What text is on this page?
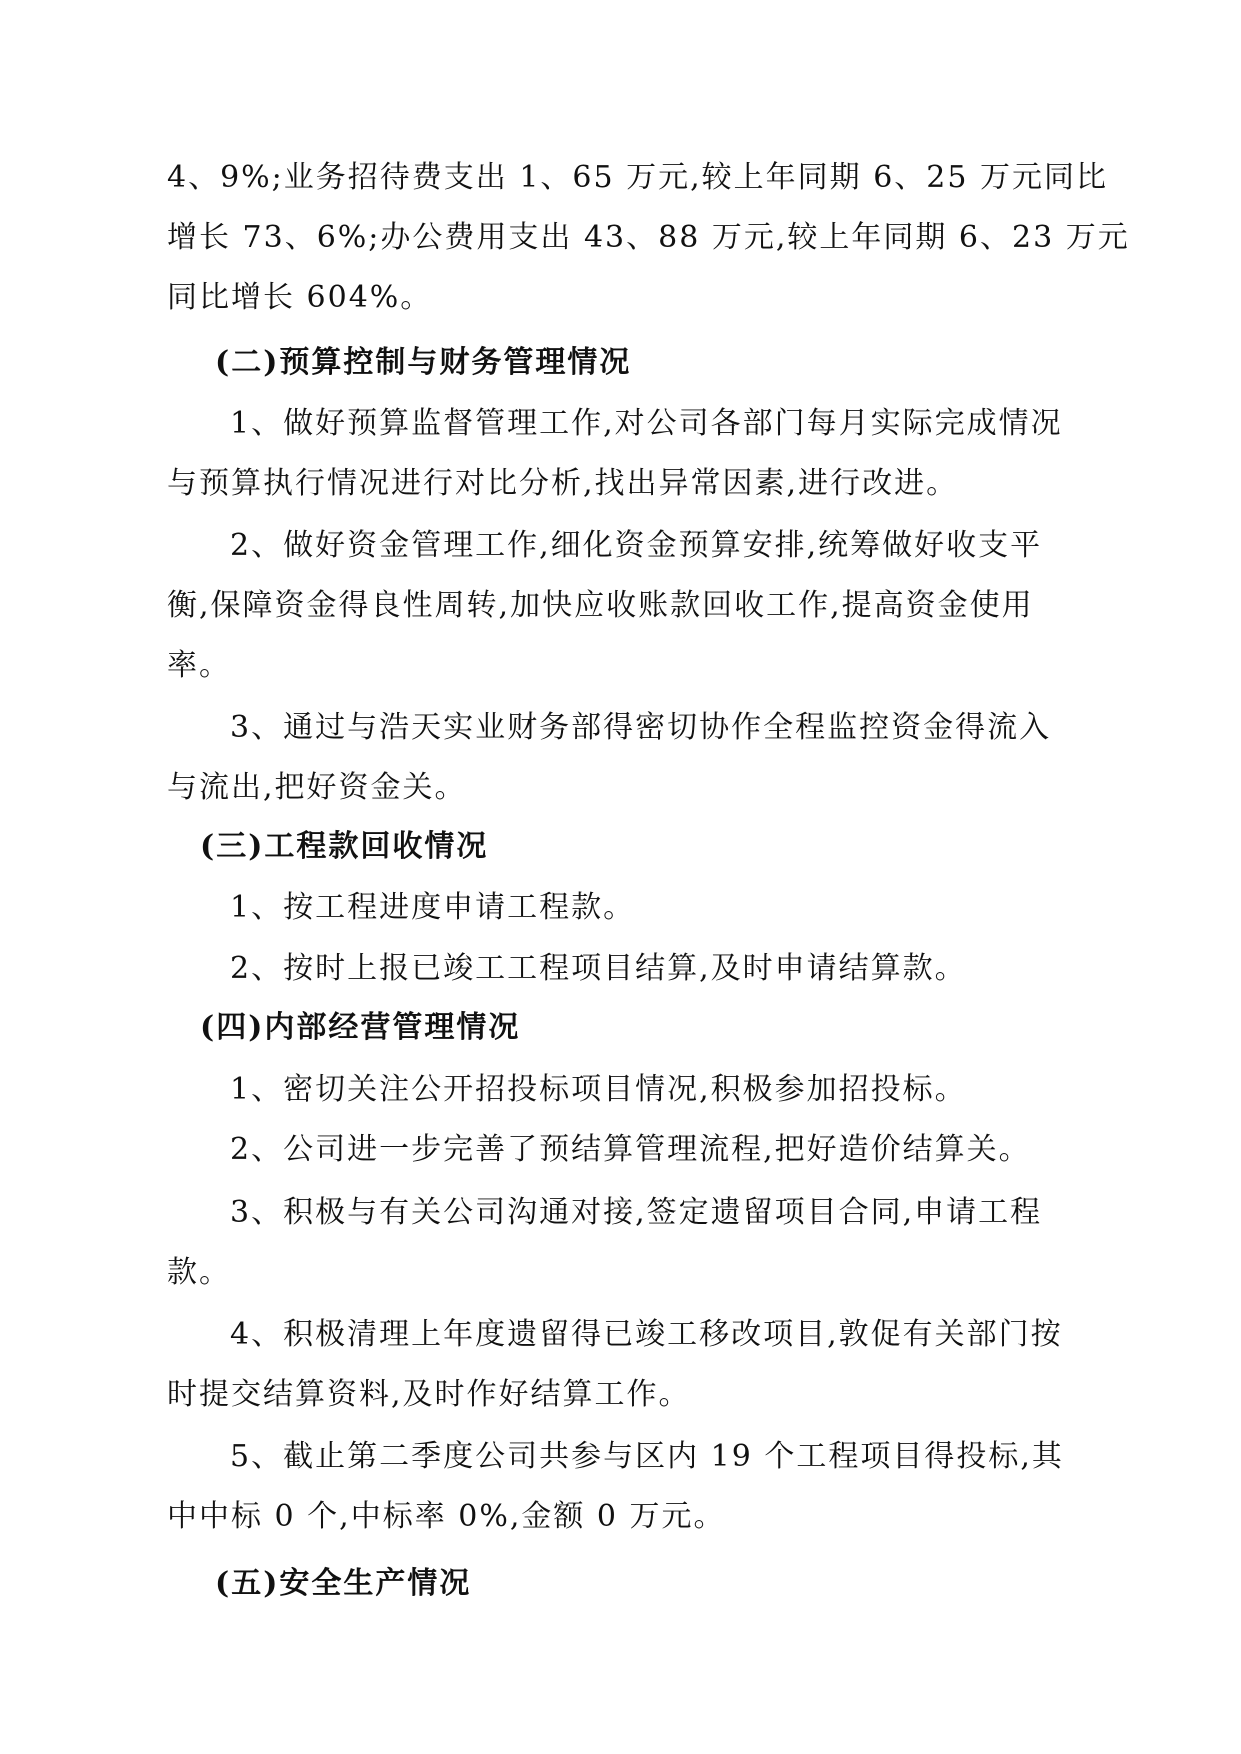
4、9%;业务招待费支出 1、65 万元,较上年同期 6、25 万元同比
增长 73、6%;办公费用支出 43、88 万元,较上年同期 6、23 万元
同比增长 604%。
(二)预算控制与财务管理情况
1、做好预算监督管理工作,对公司各部门每月实际完成情况
与预算执行情况进行对比分析,找出异常因素,进行改进。
2、做好资金管理工作,细化资金预算安排,统筹做好收支平
衡,保障资金得良性周转,加快应收账款回收工作,提高资金使用
率。
3、通过与浩天实业财务部得密切协作全程监控资金得流入
与流出,把好资金关。
(三)工程款回收情况
1、按工程进度申请工程款。
2、按时上报已竣工工程项目结算,及时申请结算款。
(四)内部经营管理情况
1、密切关注公开招投标项目情况,积极参加招投标。
2、公司进一步完善了预结算管理流程,把好造价结算关。
3、积极与有关公司沟通对接,签定遗留项目合同,申请工程
款。
4、积极清理上年度遗留得已竣工移改项目,敦促有关部门按
时提交结算资料,及时作好结算工作。
5、截止第二季度公司共参与区内 19 个工程项目得投标,其
中中标 0 个,中标率 0%,金额 0 万元。
(五)安全生产情况
